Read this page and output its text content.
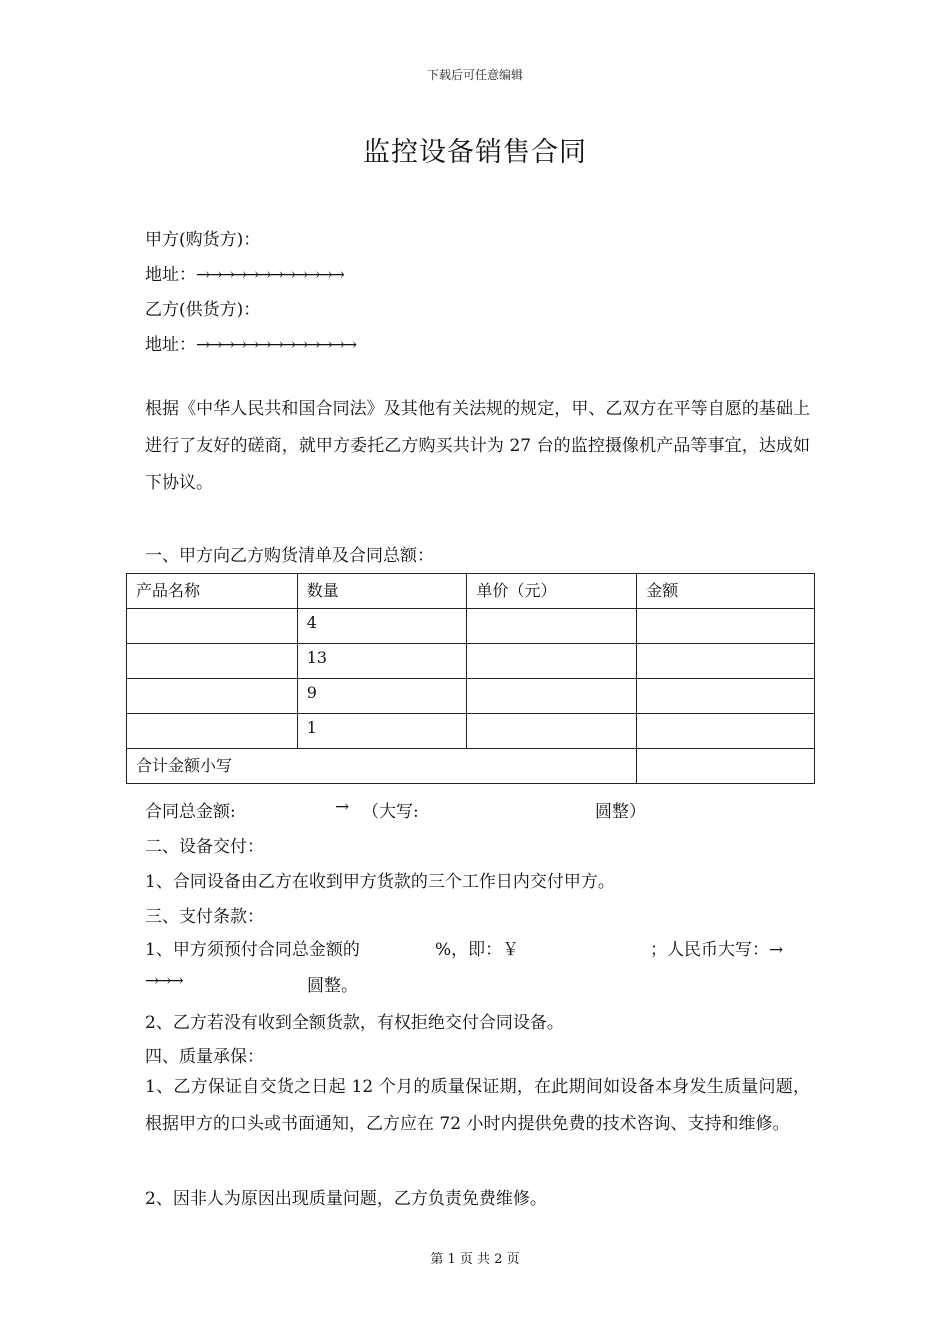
下载后可任意编辑
监控设备销售合同
甲方(购货方)：
地址：→→→→→→→→→→→→
乙方(供货方)：
地址：→→→→→→→→→→→→→
根据《中华人民共和国合同法》及其他有关法规的规定，甲、乙双方在平等自愿的基础上进行了友好的磋商，就甲方委托乙方购买共计为 27 台的监控摄像机产品等事宜，达成如下协议。
一、甲方向乙方购货清单及合同总额：
产品名称	数量	单价（元）	金额
	4		
	13		
	9		
	1		
合计金额小写			
合同总金额:	→ （大写:	圆整）
二、设备交付：
1、合同设备由乙方在收到甲方货款的三个工作日内交付甲方。
三、支付条款：
1、甲方须预付合同总金额的	%，即：￥	；人民币大写：→
→→→	圆整。
2、乙方若没有收到全额货款，有权拒绝交付合同设备。
四、质量承保：
1、乙方保证自交货之日起 12 个月的质量保证期，在此期间如设备本身发生质量问题，根据甲方的口头或书面通知，乙方应在 72 小时内提供免费的技术咨询、支持和维修。
2、因非人为原因出现质量问题，乙方负责免费维修。
第 1 页 共 2 页
